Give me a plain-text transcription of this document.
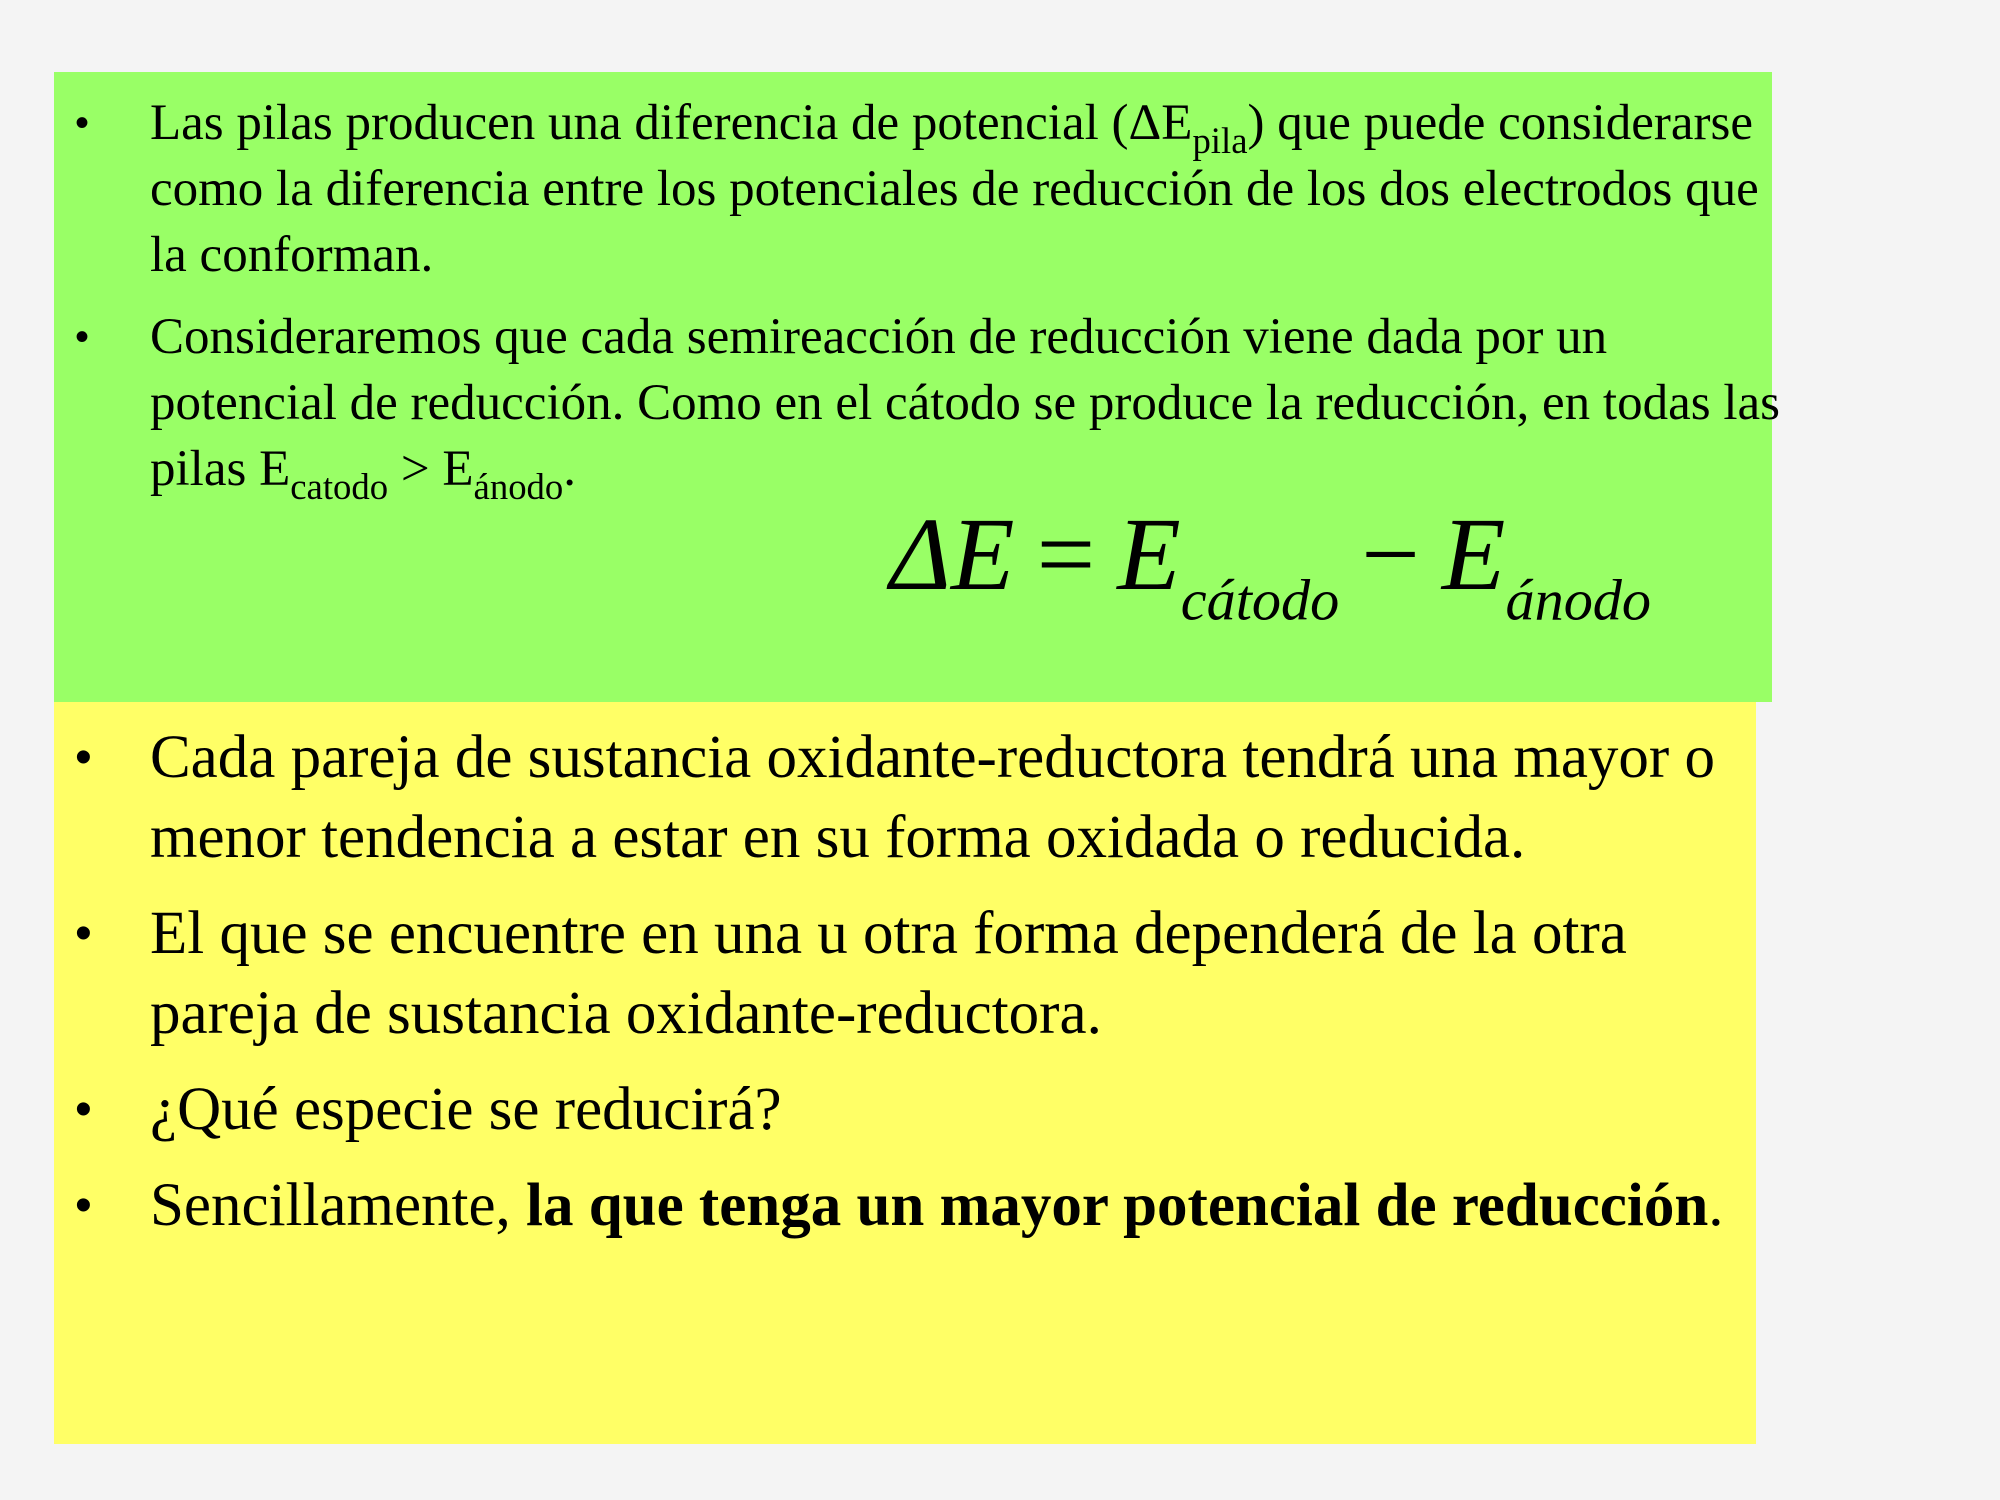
• Las pilas producen una diferencia de potencial $(\Delta E_{pila})$ que puede considerarse como la diferencia entre los potenciales de reducción de los dos electrodos que la conforman.
• Consideraremos que cada semireacción de reducción viene dada por un potencial de reducción. Como en el cátodo se produce la reducción, en todas las pilas $E_{catodo} > E_{ánodo}$.
$\Delta E = E_{cátodo} - E_{ánodo}$
• Cada pareja de sustancia oxidante-reductora tendrá una mayor o menor tendencia a estar en su forma oxidada o reducida.
• El que se encuentre en una u otra forma dependerá de la otra pareja de sustancia oxidante-reductora.
• ¿Qué especie se reducirá?
• Sencillamente, la que tenga un mayor potencial de reducción.
